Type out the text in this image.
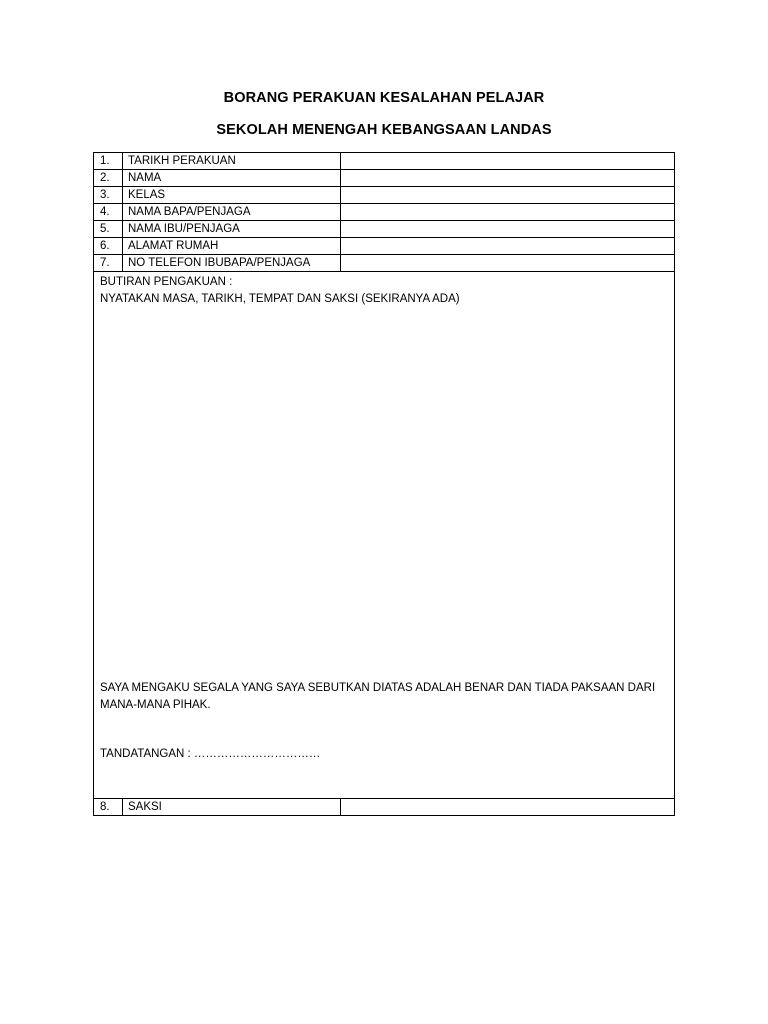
BORANG PERAKUAN KESALAHAN PELAJAR
SEKOLAH MENENGAH KEBANGSAAN LANDAS
1.	TARIKH PERAKUAN	
2.	NAMA	
3.	KELAS	
4.	NAMA BAPA/PENJAGA	
5.	NAMA IBU/PENJAGA	
6.	ALAMAT RUMAH	
7.	NO TELEFON IBUBAPA/PENJAGA	

BUTIRAN PENGAKUAN :
NYATAKAN MASA, TARIKH, TEMPAT DAN SAKSI (SEKIRANYA ADA)
SAYA MENGAKU SEGALA YANG SAYA SEBUTKAN DIATAS ADALAH BENAR DAN TIADA PAKSAAN DARI MANA-MANA PIHAK.
TANDATANGAN : ……………………………		

8.	SAKSI	
